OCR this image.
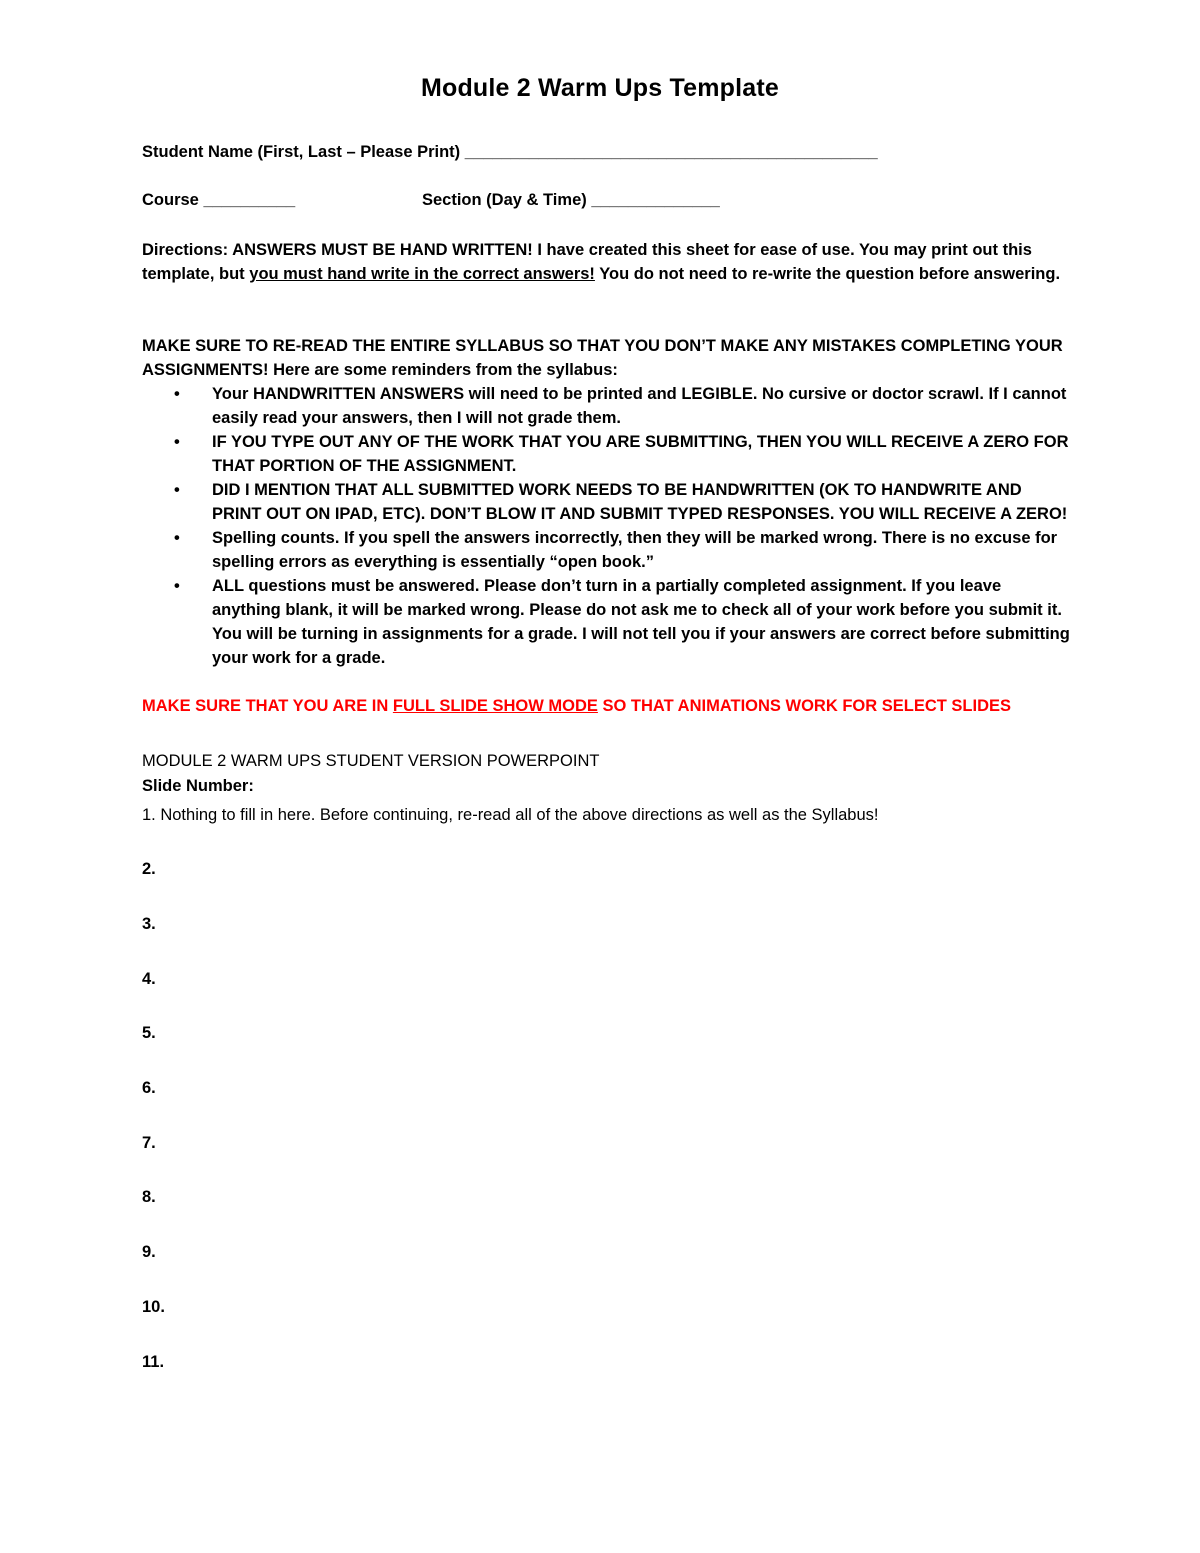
Module 2 Warm Ups Template
Student Name (First, Last – Please Print) _____________________________________________
Course __________	Section (Day & Time) ______________
Directions: ANSWERS MUST BE HAND WRITTEN! I have created this sheet for ease of use. You may print out this template, but you must hand write in the correct answers! You do not need to re-write the question before answering.
MAKE SURE TO RE-READ THE ENTIRE SYLLABUS SO THAT YOU DON’T MAKE ANY MISTAKES COMPLETING YOUR ASSIGNMENTS! Here are some reminders from the syllabus:
• Your HANDWRITTEN ANSWERS will need to be printed and LEGIBLE. No cursive or doctor scrawl. If I cannot easily read your answers, then I will not grade them.
• IF YOU TYPE OUT ANY OF THE WORK THAT YOU ARE SUBMITTING, THEN YOU WILL RECEIVE A ZERO FOR THAT PORTION OF THE ASSIGNMENT.
• DID I MENTION THAT ALL SUBMITTED WORK NEEDS TO BE HANDWRITTEN (OK TO HANDWRITE AND PRINT OUT ON IPAD, ETC). DON’T BLOW IT AND SUBMIT TYPED RESPONSES. YOU WILL RECEIVE A ZERO!
• Spelling counts. If you spell the answers incorrectly, then they will be marked wrong. There is no excuse for spelling errors as everything is essentially “open book.”
• ALL questions must be answered. Please don’t turn in a partially completed assignment. If you leave anything blank, it will be marked wrong. Please do not ask me to check all of your work before you submit it. You will be turning in assignments for a grade. I will not tell you if your answers are correct before submitting your work for a grade.
MAKE SURE THAT YOU ARE IN FULL SLIDE SHOW MODE SO THAT ANIMATIONS WORK FOR SELECT SLIDES
MODULE 2 WARM UPS STUDENT VERSION POWERPOINT
Slide Number:
1. Nothing to fill in here. Before continuing, re-read all of the above directions as well as the Syllabus!
2.
3.
4.
5.
6.
7.
8.
9.
10.
11.
